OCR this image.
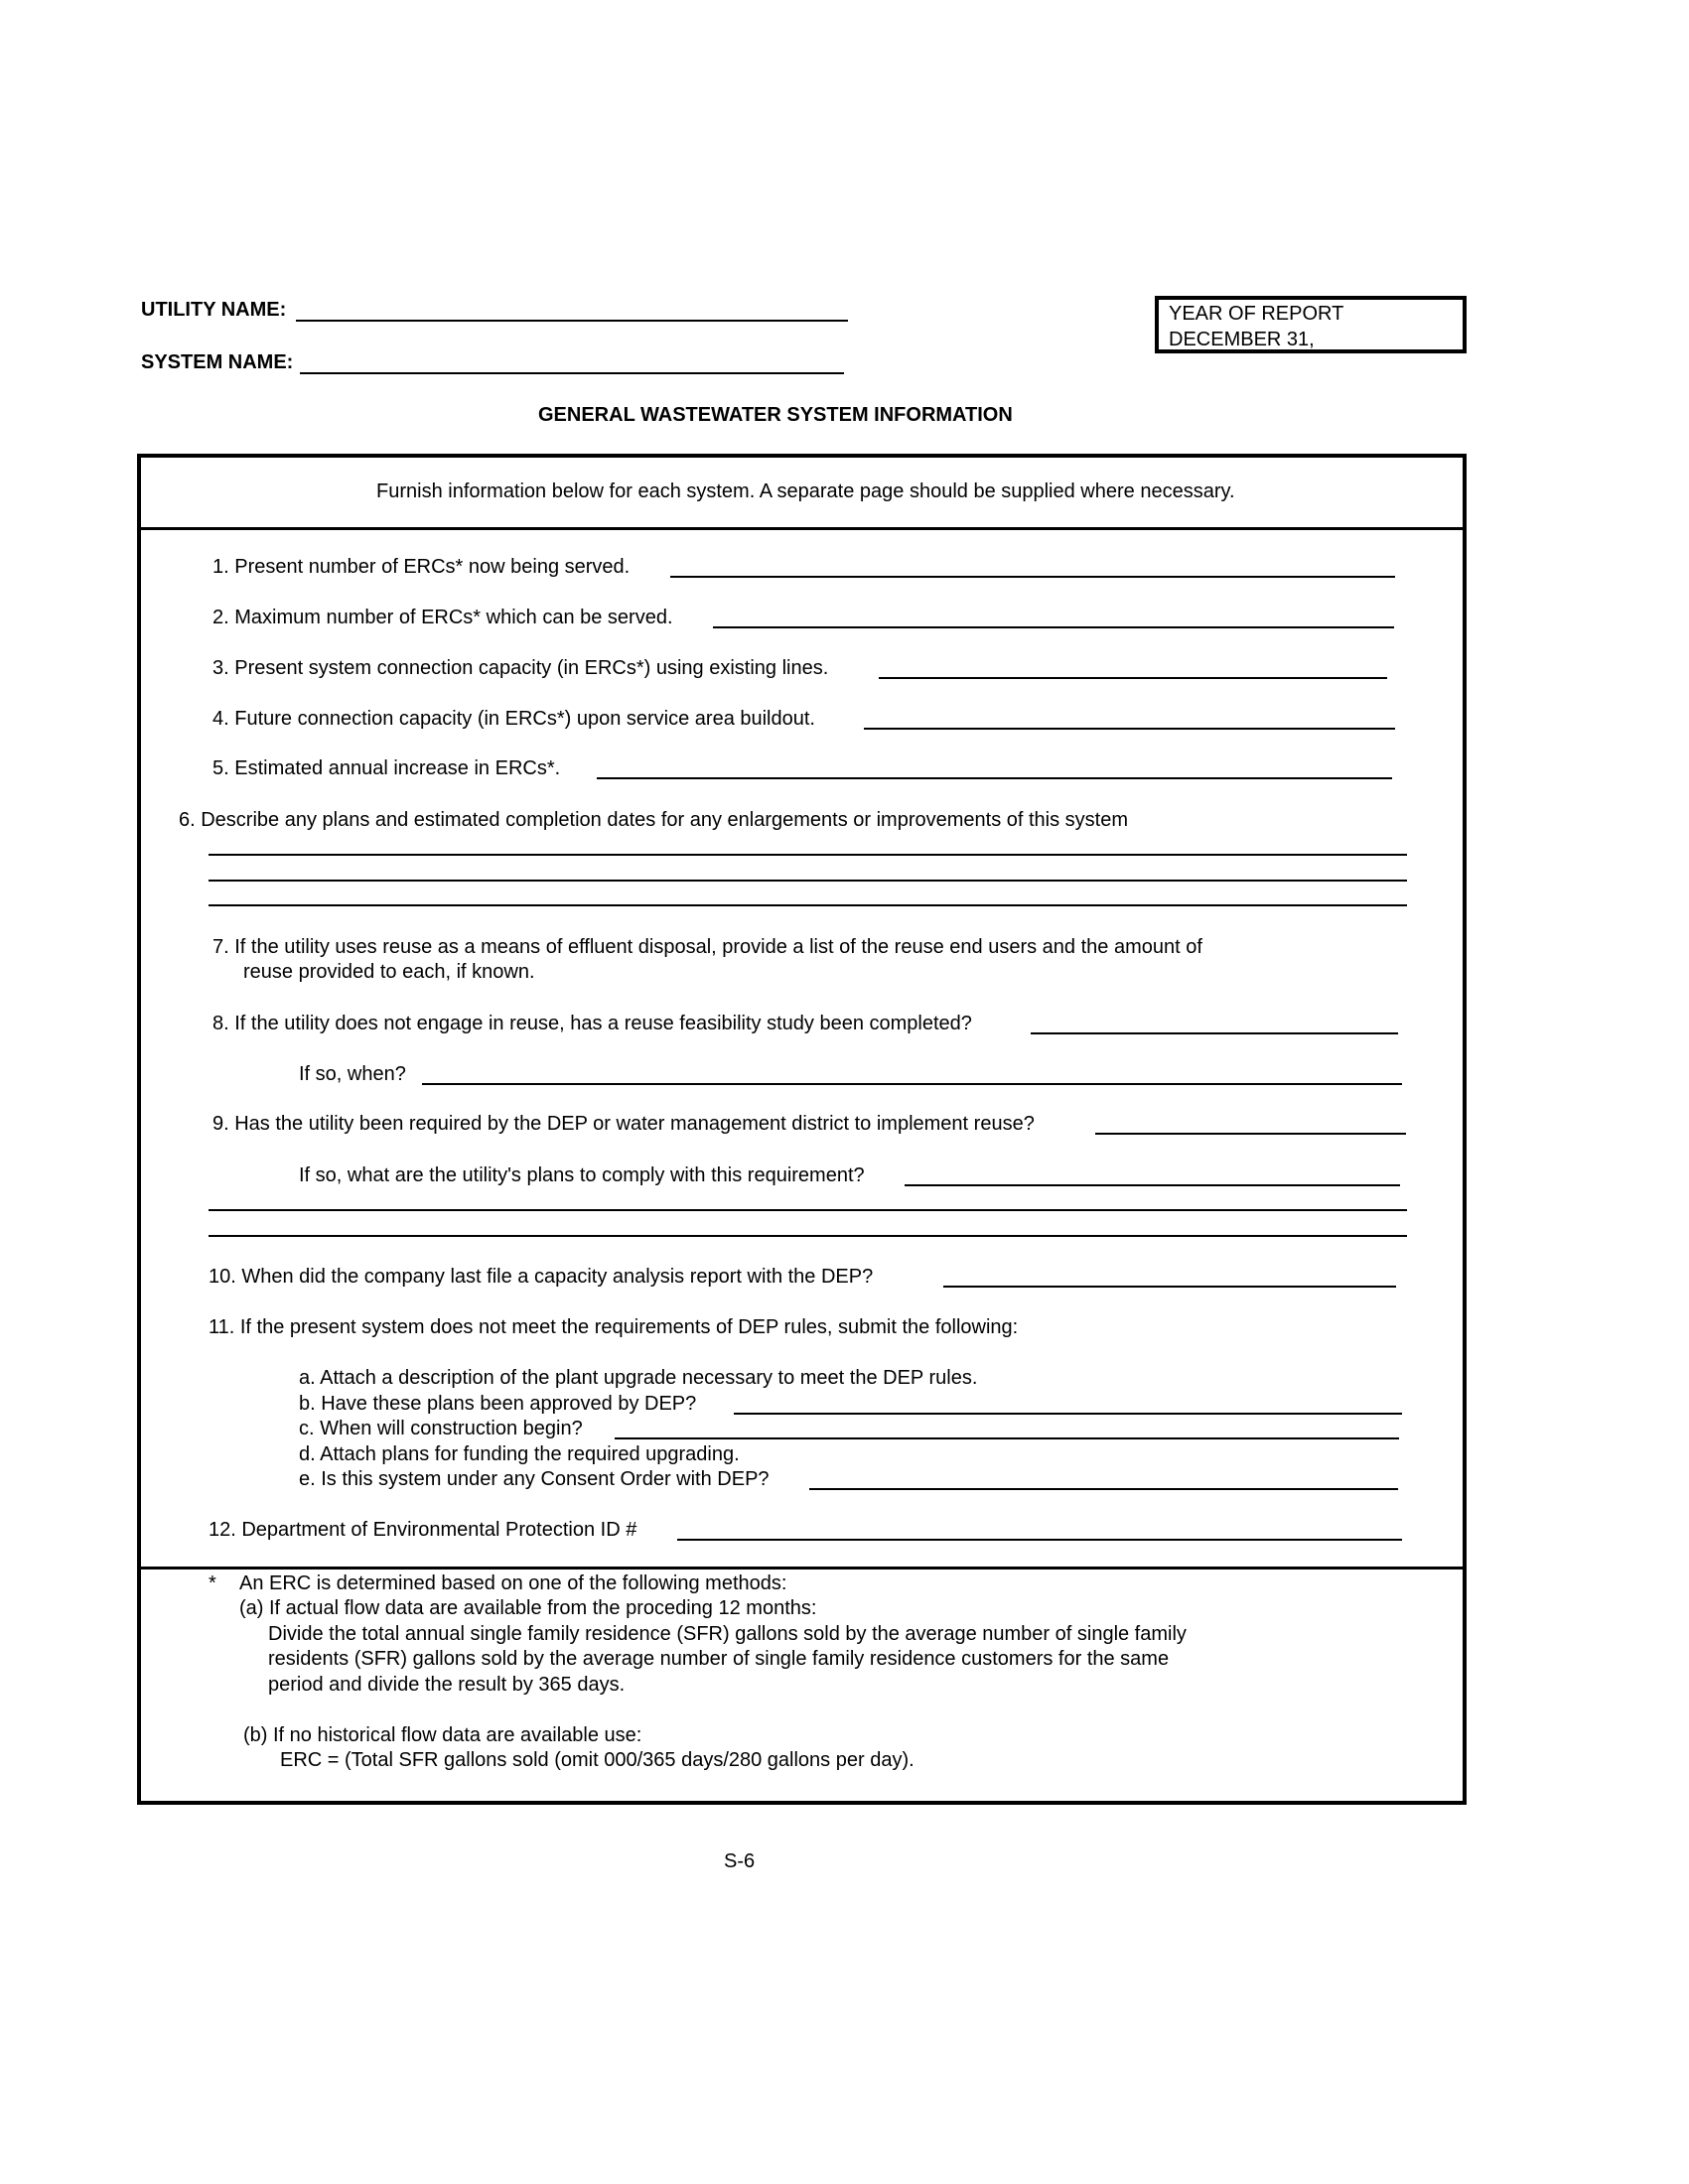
UTILITY NAME:
SYSTEM NAME:
YEAR OF REPORT
DECEMBER 31,
GENERAL WASTEWATER SYSTEM INFORMATION
Furnish information below for each system. A separate page should be supplied where necessary.
1. Present number of ERCs* now being served.
2. Maximum number of ERCs* which can be served.
3. Present system connection capacity (in ERCs*) using existing lines.
4. Future connection capacity (in ERCs*) upon service area buildout.
5. Estimated annual increase in ERCs*.
6. Describe any plans and estimated completion dates for any enlargements or improvements of this system
7. If the utility uses reuse as a means of effluent disposal, provide a list of the reuse end users and the amount of
reuse provided to each, if known.
8. If the utility does not engage in reuse, has a reuse feasibility study been completed?
If so, when?
9. Has the utility been required by the DEP or water management district to implement reuse?
If so, what are the utility's plans to comply with this requirement?
10. When did the company last file a capacity analysis report with the DEP?
11. If the present system does not meet the requirements of DEP rules, submit the following:
a. Attach a description of the plant upgrade necessary to meet the DEP rules.
b. Have these plans been approved by DEP?
c. When will construction begin?
d. Attach plans for funding the required upgrading.
e. Is this system under any Consent Order with DEP?
12. Department of Environmental Protection ID #
* An ERC is determined based on one of the following methods:
(a) If actual flow data are available from the proceding 12 months:
Divide the total annual single family residence (SFR) gallons sold by the average number of single family
residents (SFR) gallons sold by the average number of single family residence customers for the same
period and divide the result by 365 days.
(b) If no historical flow data are available use:
ERC = (Total SFR gallons sold (omit 000/365 days/280 gallons per day).
S-6
